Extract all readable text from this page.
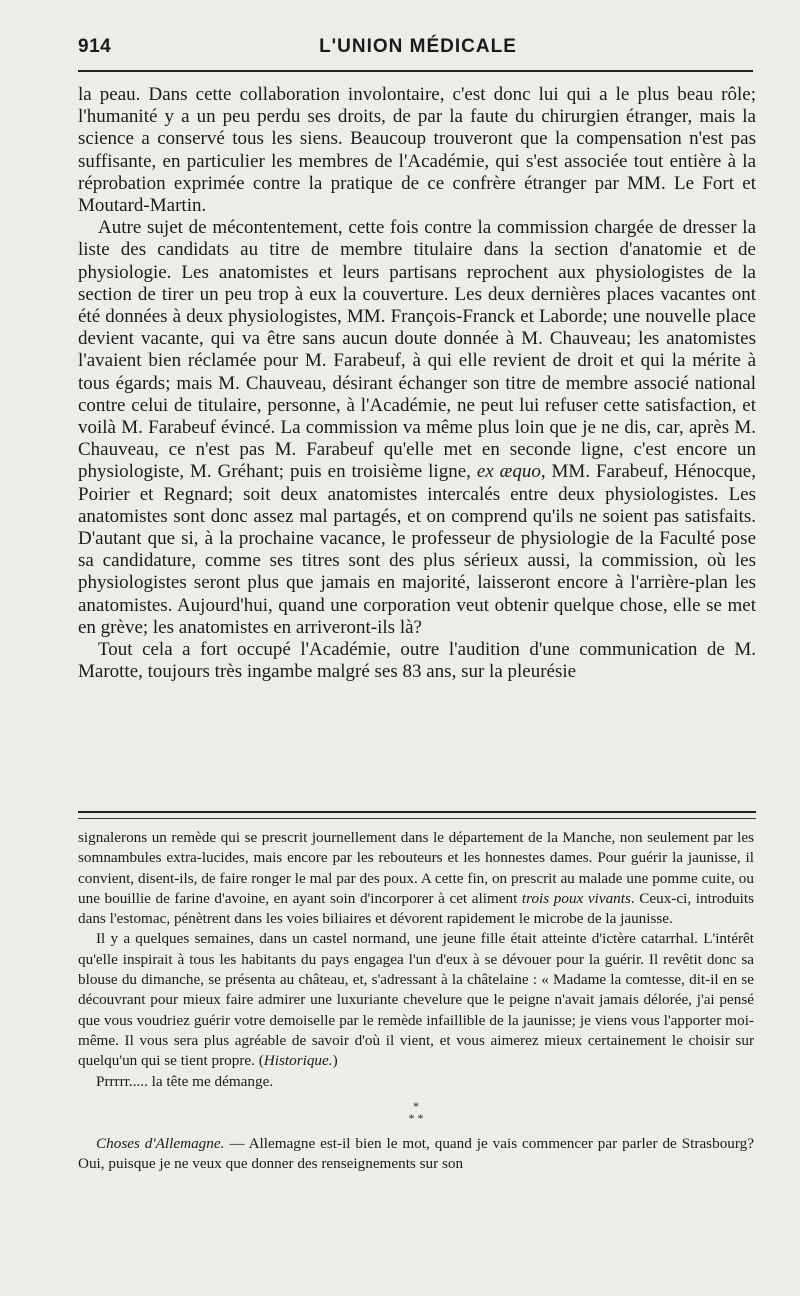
914	L'UNION MÉDICALE

la peau. Dans cette collaboration involontaire, c'est donc lui qui a le plus beau rôle; l'humanité y a un peu perdu ses droits, de par la faute du chirurgien étranger, mais la science a conservé tous les siens. Beaucoup trouveront que la compensation n'est pas suffisante, en particulier les membres de l'Académie, qui s'est associée tout entière à la réprobation exprimée contre la pratique de ce confrère étranger par MM. Le Fort et Moutard-Martin.

Autre sujet de mécontentement, cette fois contre la commission chargée de dresser la liste des candidats au titre de membre titulaire dans la section d'anatomie et de physiologie. Les anatomistes et leurs partisans reprochent aux physiologistes de la section de tirer un peu trop à eux la couverture. Les deux dernières places vacantes ont été données à deux physiologistes, MM. François-Franck et Laborde; une nouvelle place devient vacante, qui va être sans aucun doute donnée à M. Chauveau; les anatomistes l'avaient bien réclamée pour M. Farabeuf, à qui elle revient de droit et qui la mérite à tous égards; mais M. Chauveau, désirant échanger son titre de membre associé national contre celui de titulaire, personne, à l'Académie, ne peut lui refuser cette satisfaction, et voilà M. Farabeuf évincé. La commission va même plus loin que je ne dis, car, après M. Chauveau, ce n'est pas M. Farabeuf qu'elle met en seconde ligne, c'est encore un physiologiste, M. Gréhant; puis en troisième ligne, ex æquo, MM. Farabeuf, Hénocque, Poirier et Regnard; soit deux anatomistes intercalés entre deux physiologistes. Les anatomistes sont donc assez mal partagés, et on comprend qu'ils ne soient pas satisfaits. D'autant que si, à la prochaine vacance, le professeur de physiologie de la Faculté pose sa candidature, comme ses titres sont des plus sérieux aussi, la commission, où les physiologistes seront plus que jamais en majorité, laisseront encore à l'arrière-plan les anatomistes. Aujourd'hui, quand une corporation veut obtenir quelque chose, elle se met en grève; les anatomistes en arriveront-ils là?

Tout cela a fort occupé l'Académie, outre l'audition d'une communication de M. Marotte, toujours très ingambe malgré ses 83 ans, sur la pleurésie

signalerons un remède qui se prescrit journellement dans le département de la Manche, non seulement par les somnambules extra-lucides, mais encore par les rebouteurs et les honnestes dames. Pour guérir la jaunisse, il convient, disent-ils, de faire ronger le mal par des poux. A cette fin, on prescrit au malade une pomme cuite, ou une bouillie de farine d'avoine, en ayant soin d'incorporer à cet aliment trois poux vivants. Ceux-ci, introduits dans l'estomac, pénètrent dans les voies biliaires et dévorent rapidement le microbe de la jaunisse.

Il y a quelques semaines, dans un castel normand, une jeune fille était atteinte d'ictère catarrhal. L'intérêt qu'elle inspirait à tous les habitants du pays engagea l'un d'eux à se dévouer pour la guérir. Il revêtit donc sa blouse du dimanche, se présenta au château, et, s'adressant à la châtelaine : « Madame la comtesse, dit-il en se découvrant pour mieux faire admirer une luxuriante chevelure que le peigne n'avait jamais délorée, j'ai pensé que vous voudriez guérir votre demoiselle par le remède infaillible de la jaunisse; je viens vous l'apporter moi-même. Il vous sera plus agréable de savoir d'où il vient, et vous aimerez mieux certainement le choisir sur quelqu'un qui se tient propre. (Historique.)

Prrrrr..... la tête me démange.

*
* *

Choses d'Allemagne. — Allemagne est-il bien le mot, quand je vais commencer par parler de Strasbourg? Oui, puisque je ne veux que donner des renseignements sur son
